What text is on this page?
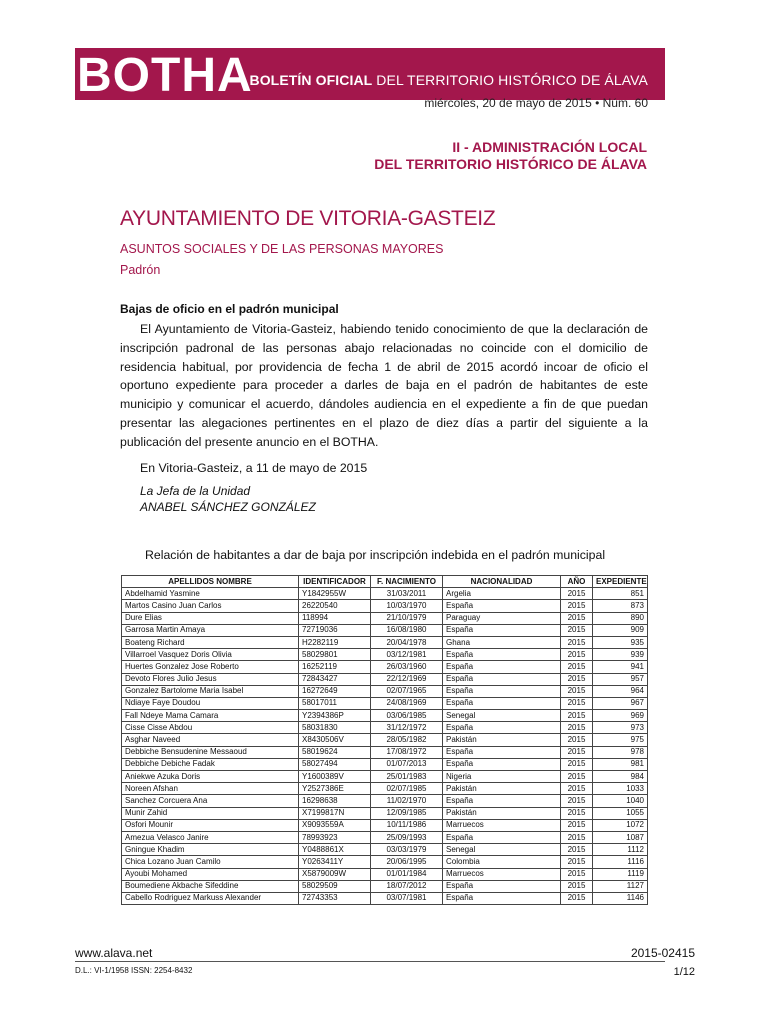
BOTHA
BOLETÍN OFICIAL DEL TERRITORIO HISTÓRICO DE ÁLAVA
miércoles, 20 de mayo de 2015 • Núm. 60
II - ADMINISTRACIÓN LOCAL
DEL TERRITORIO HISTÓRICO DE ÁLAVA
AYUNTAMIENTO DE VITORIA-GASTEIZ
ASUNTOS SOCIALES Y DE LAS PERSONAS MAYORES
Padrón
Bajas de oficio en el padrón municipal
El Ayuntamiento de Vitoria-Gasteiz, habiendo tenido conocimiento de que la declaración de inscripción padronal de las personas abajo relacionadas no coincide con el domicilio de residencia habitual, por providencia de fecha 1 de abril de 2015 acordó incoar de oficio el oportuno expediente para proceder a darles de baja en el padrón de habitantes de este municipio y comunicar el acuerdo, dándoles audiencia en el expediente a fin de que puedan presentar las alegaciones pertinentes en el plazo de diez días a partir del siguiente a la publicación del presente anuncio en el BOTHA.
En Vitoria-Gasteiz, a 11 de mayo de 2015
La Jefa de la Unidad
ANABEL SÁNCHEZ GONZÁLEZ
Relación de habitantes a dar de baja por inscripción indebida en el padrón municipal
APELLIDOS NOMBRE	IDENTIFICADOR	F. NACIMIENTO	NACIONALIDAD	AÑO	EXPEDIENTE
Abdelhamid Yasmine	Y1842955W	31/03/2011	Argelia	2015	851
Martos Casino Juan Carlos	26220540	10/03/1970	España	2015	873
Dure Elias	118994	21/10/1979	Paraguay	2015	890
Garrosa Martin Amaya	72719036	16/08/1980	España	2015	909
Boateng Richard	H2282119	20/04/1978	Ghana	2015	935
Villarroel Vasquez Doris Olivia	58029801	03/12/1981	España	2015	939
Huertes Gonzalez Jose Roberto	16252119	26/03/1960	España	2015	941
Devoto Flores Julio Jesus	72843427	22/12/1969	España	2015	957
Gonzalez Bartolome Maria Isabel	16272649	02/07/1965	España	2015	964
Ndiaye Faye Doudou	58017011	24/08/1969	España	2015	967
Fall Ndeye Mama Camara	Y2394386P	03/06/1985	Senegal	2015	969
Cisse Cisse Abdou	58031830	31/12/1972	España	2015	973
Asghar Naveed	X8430506V	28/05/1982	Pakistán	2015	975
Debbiche Bensudenine Messaoud	58019624	17/08/1972	España	2015	978
Debbiche Debiche Fadak	58027494	01/07/2013	España	2015	981
Aniekwe Azuka Doris	Y1600389V	25/01/1983	Nigeria	2015	984
Noreen Afshan	Y2527386E	02/07/1985	Pakistán	2015	1033
Sanchez Corcuera Ana	16298638	11/02/1970	España	2015	1040
Munir Zahid	X7199817N	12/09/1985	Pakistán	2015	1055
Osfori Mounir	X9093559A	10/11/1986	Marruecos	2015	1072
Amezua Velasco Janire	78993923	25/09/1993	España	2015	1087
Gningue Khadim	Y0488861X	03/03/1979	Senegal	2015	1112
Chica Lozano Juan Camilo	Y0263411Y	20/06/1995	Colombia	2015	1116
Ayoubi Mohamed	X5879009W	01/01/1984	Marruecos	2015	1119
Boumediene Akbache Sifeddine	58029509	18/07/2012	España	2015	1127
Cabello Rodriguez Markuss Alexander	72743353	03/07/1981	España	2015	1146
www.alava.net	2015-02415
D.L.: VI-1/1958 ISSN: 2254-8432	1/12
